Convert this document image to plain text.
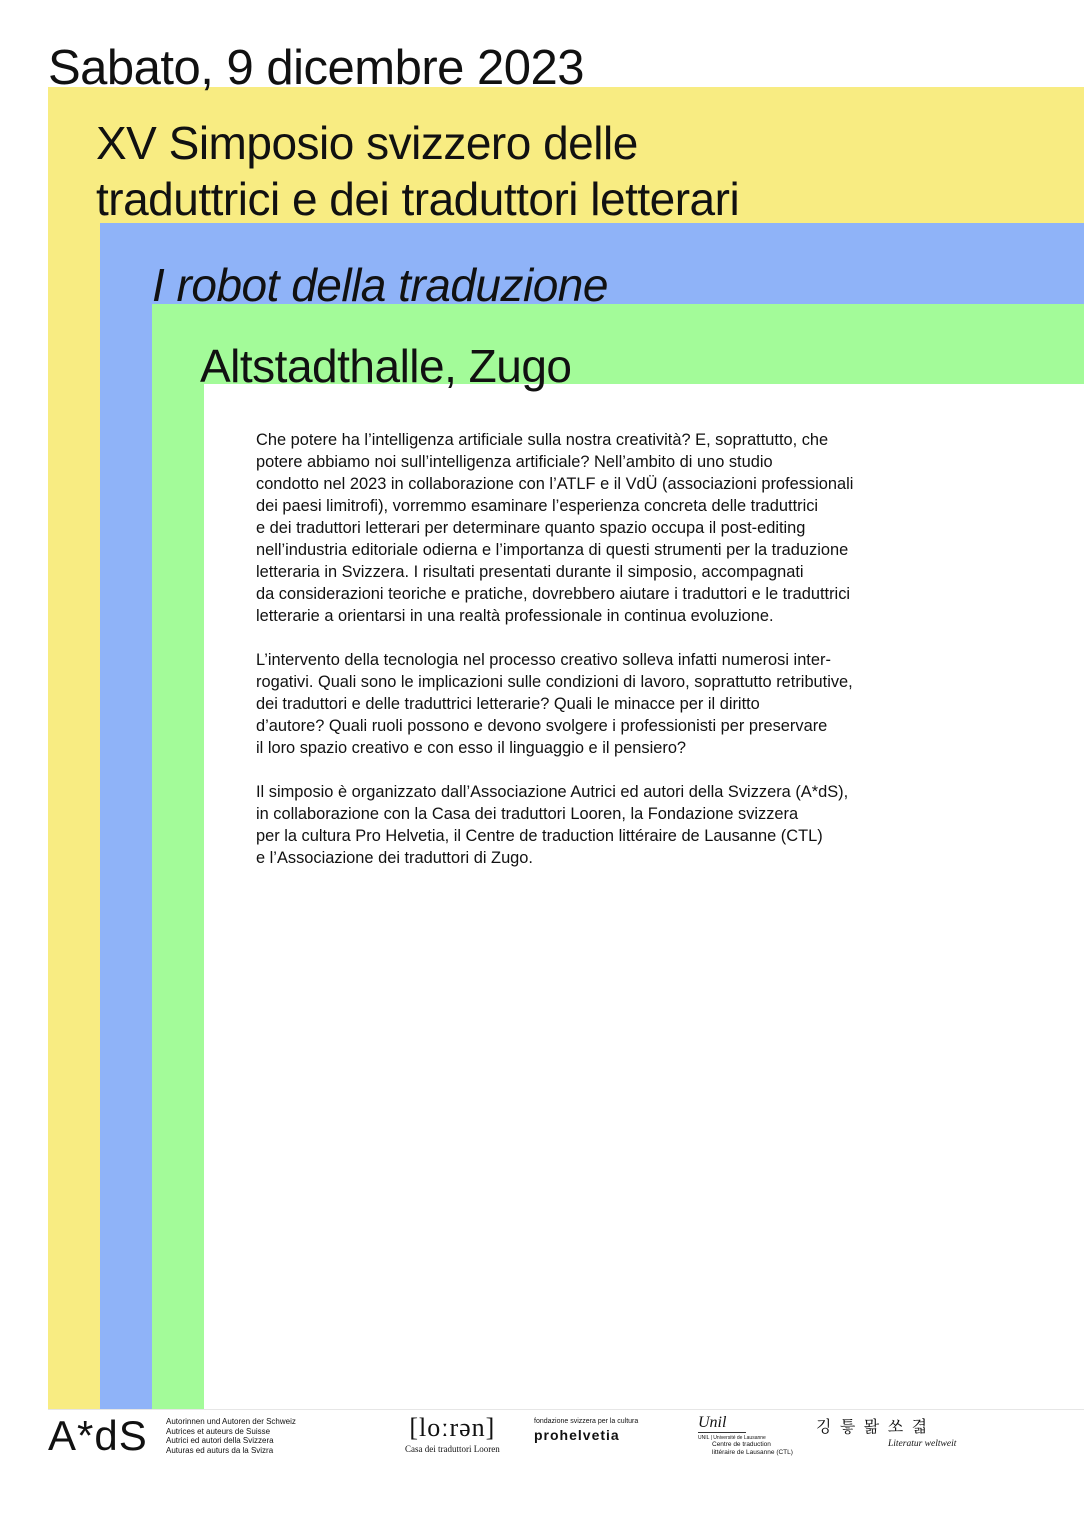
Sabato, 9 dicembre 2023
XV Simposio svizzero delle
traduttrici e dei traduttori letterari
I robot della traduzione
Altstadthalle, Zugo

Che potere ha l’intelligenza artificiale sulla nostra creatività? E, soprattutto, che
potere abbiamo noi sull’intelligenza artificiale? Nell’ambito di uno studio
condotto nel 2023 in collaborazione con l’ATLF e il VdÜ (associazioni professionali
dei paesi limitrofi), vorremmo esaminare l’esperienza concreta delle traduttrici
e dei traduttori letterari per determinare quanto spazio occupa il post-editing
nell’industria editoriale odierna e l’importanza di questi strumenti per la traduzione
letteraria in Svizzera. I risultati presentati durante il simposio, accompagnati
da considerazioni teoriche e pratiche, dovrebbero aiutare i traduttori e le traduttrici
letterarie a orientarsi in una realtà professionale in continua evoluzione.

L’intervento della tecnologia nel processo creativo solleva infatti numerosi inter-
rogativi. Quali sono le implicazioni sulle condizioni di lavoro, soprattutto retributive,
dei traduttori e delle traduttrici letterarie? Quali le minacce per il diritto
d’autore? Quali ruoli possono e devono svolgere i professionisti per preservare
il loro spazio creativo e con esso il linguaggio e il pensiero?

Il simposio è organizzato dall’Associazione Autrici ed autori della Svizzera (A*dS),
in collaborazione con la Casa dei traduttori Looren, la Fondazione svizzera
per la cultura Pro Helvetia, il Centre de traduction littéraire de Lausanne (CTL)
e l’Associazione dei traduttori di Zugo.

A*dS Autorinnen und Autoren der Schweiz
Autrices et auteurs de Suisse
Autrici ed autori della Svizzera
Auturas ed auturs da la Svizra
[loːrən]
Casa dei traduttori Looren
fondazione svizzera per la cultura
prohelvetia
Unil
UNIL | Université de Lausanne
Centre de traduction
littéraire de Lausanne (CTL)
깅 틓 뫎 쏘 겳
Literatur weltweit
